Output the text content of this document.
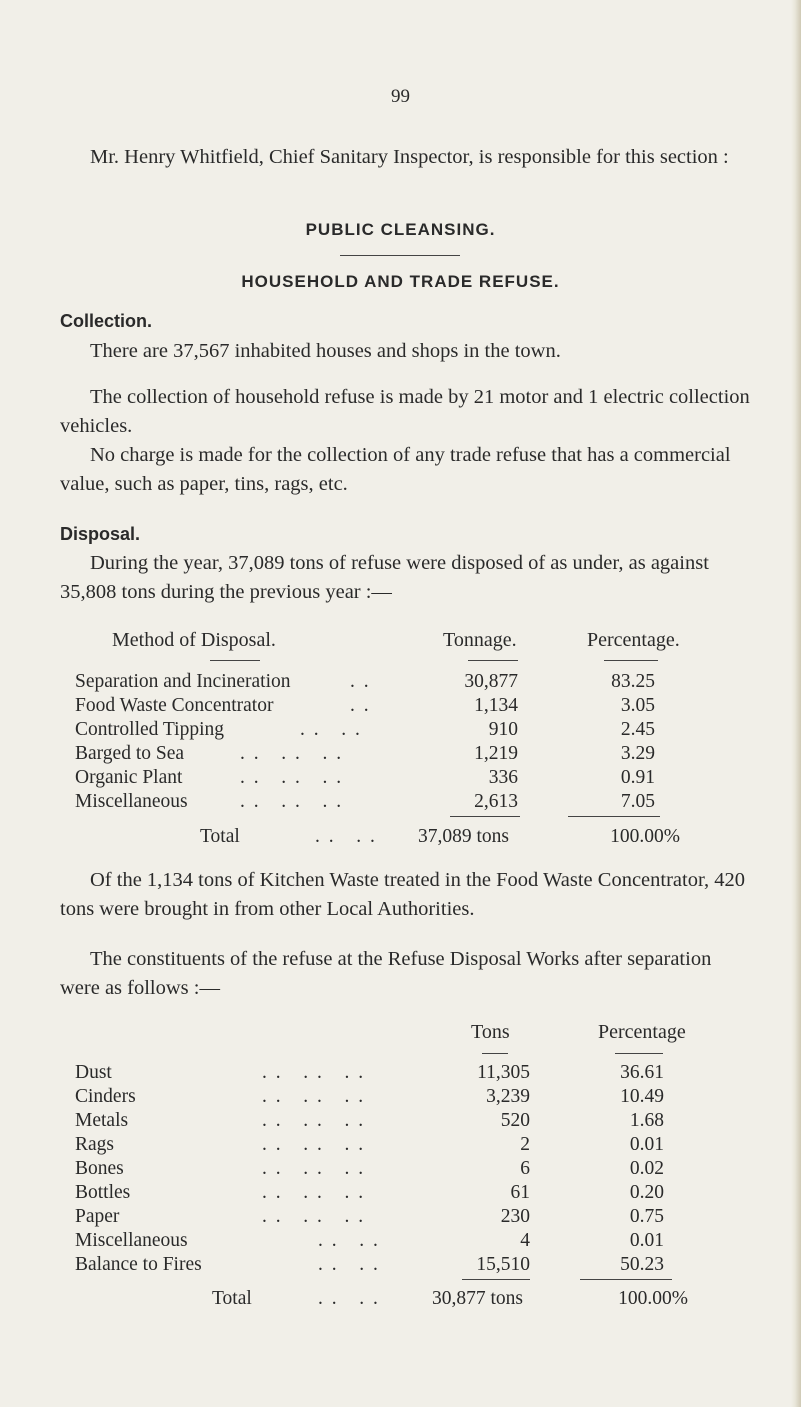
99
Mr. Henry Whitfield, Chief Sanitary Inspector, is responsible for this section :
PUBLIC CLEANSING.
HOUSEHOLD AND TRADE REFUSE.
Collection.
There are 37,567 inhabited houses and shops in the town.
The collection of household refuse is made by 21 motor and 1 electric collection vehicles.
No charge is made for the collection of any trade refuse that has a commercial value, such as paper, tins, rags, etc.
Disposal.
During the year, 37,089 tons of refuse were disposed of as under, as against 35,808 tons during the previous year :—
Method of Disposal.	Tonnage.	Percentage.
Separation and Incineration	. .	30,877	83.25
Food Waste Concentrator	. .	1,134	3.05
Controlled Tipping	. .   . .	910	2.45
Barged to Sea	. .   . .   . .	1,219	3.29
Organic Plant	. .   . .   . .	336	0.91
Miscellaneous	. .   . .   . .	2,613	7.05
Total	. .   . . 37,089 tons	100.00%
Of the 1,134 tons of Kitchen Waste treated in the Food Waste Concentrator, 420 tons were brought in from other Local Authorities.
The constituents of the refuse at the Refuse Disposal Works after separation were as follows :—
Tons	Percentage
Dust	. .   . .   . .	11,305	36.61
Cinders	. .   . .   . .	3,239	10.49
Metals	. .   . .   . .	520	1.68
Rags	. .   . .   . .	2	0.01
Bones	. .   . .   . .	6	0.02
Bottles	. .   . .   . .	61	0.20
Paper	. .   . .   . .	230	0.75
Miscellaneous	. .   . .	4	0.01
Balance to Fires	. .   . .	15,510	50.23
Total	. .   . .	30,877 tons	100.00%
